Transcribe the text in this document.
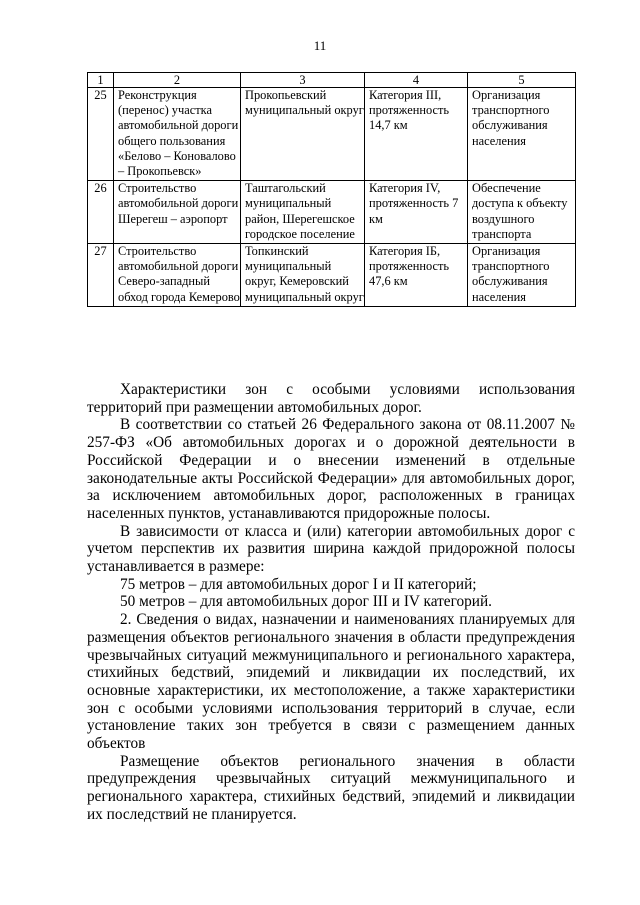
11
1	2	3	4	5
25	Реконструкция (перенос) участка автомобильной дороги общего пользования «Белово – Коновалово – Прокопьевск»	Прокопьевский муниципальный округ	Категория III, протяженность 14,7 км	Организация транспортного обслуживания населения
26	Строительство автомобильной дороги Шерегеш – аэропорт	Таштагольский муниципальный район, Шерегешское городское поселение	Категория IV, протяженность 7 км	Обеспечение доступа к объекту воздушного транспорта
27	Строительство автомобильной дороги Северо-западный обход города Кемерово	Топкинский муниципальный округ, Кемеровский муниципальный округ	Категория IБ, протяженность 47,6 км	Организация транспортного обслуживания населения

Характеристики зон с особыми условиями использования территорий при размещении автомобильных дорог.

В соответствии со статьей 26 Федерального закона от 08.11.2007 № 257-ФЗ «Об автомобильных дорогах и о дорожной деятельности в Российской Федерации и о внесении изменений в отдельные законодательные акты Российской Федерации» для автомобильных дорог, за исключением автомобильных дорог, расположенных в границах населенных пунктов, устанавливаются придорожные полосы.

В зависимости от класса и (или) категории автомобильных дорог с учетом перспектив их развития ширина каждой придорожной полосы устанавливается в размере:

75 метров – для автомобильных дорог I и II категорий;

50 метров – для автомобильных дорог III и IV категорий.

2. Сведения о видах, назначении и наименованиях планируемых для размещения объектов регионального значения в области предупреждения чрезвычайных ситуаций межмуниципального и регионального характера, стихийных бедствий, эпидемий и ликвидации их последствий, их основные характеристики, их местоположение, а также характеристики зон с особыми условиями использования территорий в случае, если установление таких зон требуется в связи с размещением данных объектов

Размещение объектов регионального значения в области предупреждения чрезвычайных ситуаций межмуниципального и регионального характера, стихийных бедствий, эпидемий и ликвидации их последствий не планируется.
